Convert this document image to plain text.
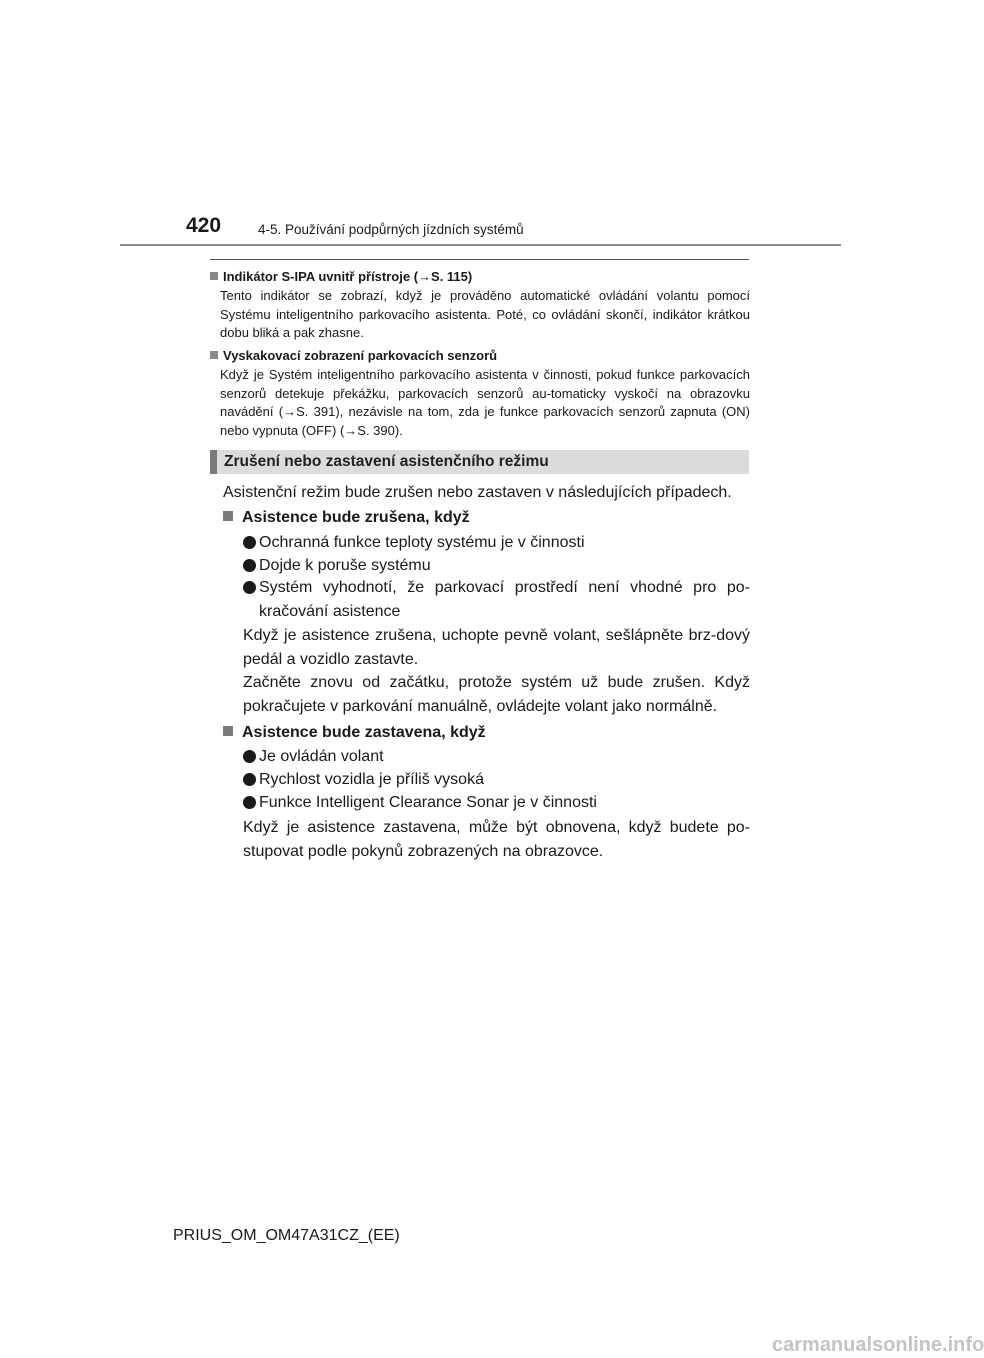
420	4-5. Používání podpůrných jízdních systémů
Indikátor S-IPA uvnitř přístroje (→S. 115)
Tento indikátor se zobrazí, když je prováděno automatické ovládání volantu pomocí Systému inteligentního parkovacího asistenta. Poté, co ovládání skončí, indikátor krátkou dobu bliká a pak zhasne.
Vyskakovací zobrazení parkovacích senzorů
Když je Systém inteligentního parkovacího asistenta v činnosti, pokud funkce parkovacích senzorů detekuje překážku, parkovacích senzorů au-tomaticky vyskočí na obrazovku navádění (→S. 391), nezávisle na tom, zda je funkce parkovacích senzorů zapnuta (ON) nebo vypnuta (OFF) (→S. 390).
Zrušení nebo zastavení asistenčního režimu
Asistenční režim bude zrušen nebo zastaven v následujících případech.
Asistence bude zrušena, když
Ochranná funkce teploty systému je v činnosti
Dojde k poruše systému
Systém vyhodnotí, že parkovací prostředí není vhodné pro po-kračování asistence
Když je asistence zrušena, uchopte pevně volant, sešlápněte brz-dový pedál a vozidlo zastavte.
Začněte znovu od začátku, protože systém už bude zrušen. Když pokračujete v parkování manuálně, ovládejte volant jako normálně.
Asistence bude zastavena, když
Je ovládán volant
Rychlost vozidla je příliš vysoká
Funkce Intelligent Clearance Sonar je v činnosti
Když je asistence zastavena, může být obnovena, když budete po-stupovat podle pokynů zobrazených na obrazovce.
PRIUS_OM_OM47A31CZ_(EE)
carmanualsonline.info
